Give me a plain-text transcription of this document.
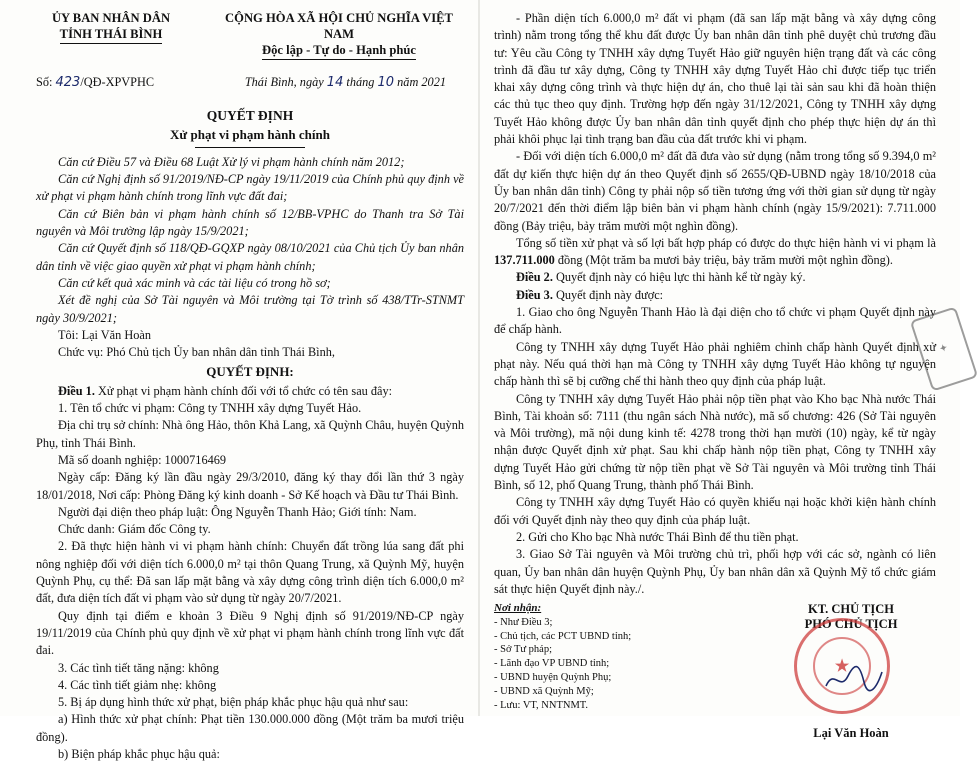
ỦY BAN NHÂN DÂN

TỈNH THÁI BÌNH

CỘNG HÒA XÃ HỘI CHỦ NGHĨA VIỆT NAM

Độc lập - Tự do - Hạnh phúc

Số: 423/QĐ-XPVPHC	Thái Bình, ngày 14 tháng 10 năm 2021
QUYẾT ĐỊNH
Xử phạt vi phạm hành chính

Căn cứ Điều 57 và Điều 68 Luật Xử lý vi phạm hành chính năm 2012;

Căn cứ Nghị định số 91/2019/NĐ-CP ngày 19/11/2019 của Chính phủ quy định về xử phạt vi phạm hành chính trong lĩnh vực đất đai;

Căn cứ Biên bản vi phạm hành chính số 12/BB-VPHC do Thanh tra Sở Tài nguyên và Môi trường lập ngày 15/9/2021;

Căn cứ Quyết định số 118/QĐ-GQXP ngày 08/10/2021 của Chủ tịch Ủy ban nhân dân tỉnh về việc giao quyền xử phạt vi phạm hành chính;

Căn cứ kết quả xác minh và các tài liệu có trong hồ sơ;

Xét đề nghị của Sở Tài nguyên và Môi trường tại Tờ trình số 438/TTr-STNMT ngày 30/9/2021;

Tôi: Lại Văn Hoàn

Chức vụ: Phó Chủ tịch Ủy ban nhân dân tỉnh Thái Bình,

QUYẾT ĐỊNH:

Điều 1. Xử phạt vi phạm hành chính đối với tổ chức có tên sau đây:

1. Tên tổ chức vi phạm: Công ty TNHH xây dựng Tuyết Hảo.

Địa chỉ trụ sở chính: Nhà ông Hảo, thôn Khả Lang, xã Quỳnh Châu, huyện Quỳnh Phụ, tỉnh Thái Bình.

Mã số doanh nghiệp: 1000716469

Ngày cấp: Đăng ký lần đầu ngày 29/3/2010, đăng ký thay đổi lần thứ 3 ngày 18/01/2018, Nơi cấp: Phòng Đăng ký kinh doanh - Sở Kế hoạch và Đầu tư Thái Bình.

Người đại diện theo pháp luật: Ông Nguyễn Thanh Hảo; Giới tính: Nam.

Chức danh: Giám đốc Công ty.

2. Đã thực hiện hành vi vi phạm hành chính: Chuyển đất trồng lúa sang đất phi nông nghiệp đối với diện tích 6.000,0 m² tại thôn Quang Trung, xã Quỳnh Mỹ, huyện Quỳnh Phụ, cụ thể: Đã san lấp mặt bằng và xây dựng công trình diện tích 6.000,0 m² đất, đưa diện tích đất vi phạm vào sử dụng từ ngày 20/7/2021.

Quy định tại điểm e khoản 3 Điều 9 Nghị định số 91/2019/NĐ-CP ngày 19/11/2019 của Chính phủ quy định về xử phạt vi phạm hành chính trong lĩnh vực đất đai.

3. Các tình tiết tăng nặng: không

4. Các tình tiết giảm nhẹ: không

5. Bị áp dụng hình thức xử phạt, biện pháp khắc phục hậu quả như sau:

a) Hình thức xử phạt chính: Phạt tiền 130.000.000 đồng (Một trăm ba mươi triệu đồng).

b) Biện pháp khắc phục hậu quả:

- Phần diện tích 6.000,0 m² đất vi phạm (đã san lấp mặt bằng và xây dựng công trình) nằm trong tổng thể khu đất được Ủy ban nhân dân tỉnh phê duyệt chủ trương đầu tư: Yêu cầu Công ty TNHH xây dựng Tuyết Hảo giữ nguyên hiện trạng đất và các công trình đã đầu tư xây dựng, Công ty TNHH xây dựng Tuyết Hảo chỉ được tiếp tục triển khai xây dựng công trình và thực hiện dự án, cho thuê lại tài sản sau khi đã hoàn thiện các thủ tục theo quy định. Trường hợp đến ngày 31/12/2021, Công ty TNHH xây dựng Tuyết Hảo không được Ủy ban nhân dân tỉnh quyết định cho phép thực hiện dự án thì phải khôi phục lại tình trạng ban đầu của đất trước khi vi phạm.

- Đối với diện tích 6.000,0 m² đất đã đưa vào sử dụng (nằm trong tổng số 9.394,0 m² đất dự kiến thực hiện dự án theo Quyết định số 2655/QĐ-UBND ngày 18/10/2018 của Ủy ban nhân dân tỉnh) Công ty phải nộp số tiền tương ứng với thời gian sử dụng từ ngày 20/7/2021 đến thời điểm lập biên bản vi phạm hành chính (ngày 15/9/2021): 7.711.000 đồng (Bảy triệu, bảy trăm mười một nghìn đồng).

Tổng số tiền xử phạt và số lợi bất hợp pháp có được do thực hiện hành vi vi phạm là 137.711.000 đồng (Một trăm ba mươi bảy triệu, bảy trăm mười một nghìn đồng).

Điều 2. Quyết định này có hiệu lực thi hành kể từ ngày ký.

Điều 3. Quyết định này được:

1. Giao cho ông Nguyễn Thanh Hảo là đại diện cho tổ chức vi phạm Quyết định này để chấp hành.

Công ty TNHH xây dựng Tuyết Hảo phải nghiêm chỉnh chấp hành Quyết định xử phạt này. Nếu quá thời hạn mà Công ty TNHH xây dựng Tuyết Hảo không tự nguyện chấp hành thì sẽ bị cưỡng chế thi hành theo quy định của pháp luật.

Công ty TNHH xây dựng Tuyết Hảo phải nộp tiền phạt vào Kho bạc Nhà nước Thái Bình, Tài khoản số: 7111 (thu ngân sách Nhà nước), mã số chương: 426 (Sở Tài nguyên và Môi trường), mã nội dung kinh tế: 4278 trong thời hạn mười (10) ngày, kể từ ngày nhận được Quyết định xử phạt. Sau khi chấp hành nộp tiền phạt, Công ty TNHH xây dựng Tuyết Hảo gửi chứng từ nộp tiền phạt về Sở Tài nguyên và Môi trường tỉnh Thái Bình, số 12, phố Quang Trung, thành phố Thái Bình.

Công ty TNHH xây dựng Tuyết Hảo có quyền khiếu nại hoặc khởi kiện hành chính đối với Quyết định này theo quy định của pháp luật.

2. Gửi cho Kho bạc Nhà nước Thái Bình để thu tiền phạt.

3. Giao Sở Tài nguyên và Môi trường chủ trì, phối hợp với các sở, ngành có liên quan, Ủy ban nhân dân huyện Quỳnh Phụ, Ủy ban nhân dân xã Quỳnh Mỹ tổ chức giám sát thực hiện Quyết định này./.

Nơi nhận:

- Như Điều 3;

- Chủ tịch, các PCT UBND tỉnh;

- Sở Tư pháp;

- Lãnh đạo VP UBND tỉnh;

- UBND huyện Quỳnh Phụ;

- UBND xã Quỳnh Mỹ;

- Lưu: VT, NNTNMT.

KT. CHỦ TỊCH

PHÓ CHỦ TỊCH

★

Lại Văn Hoàn

✦
